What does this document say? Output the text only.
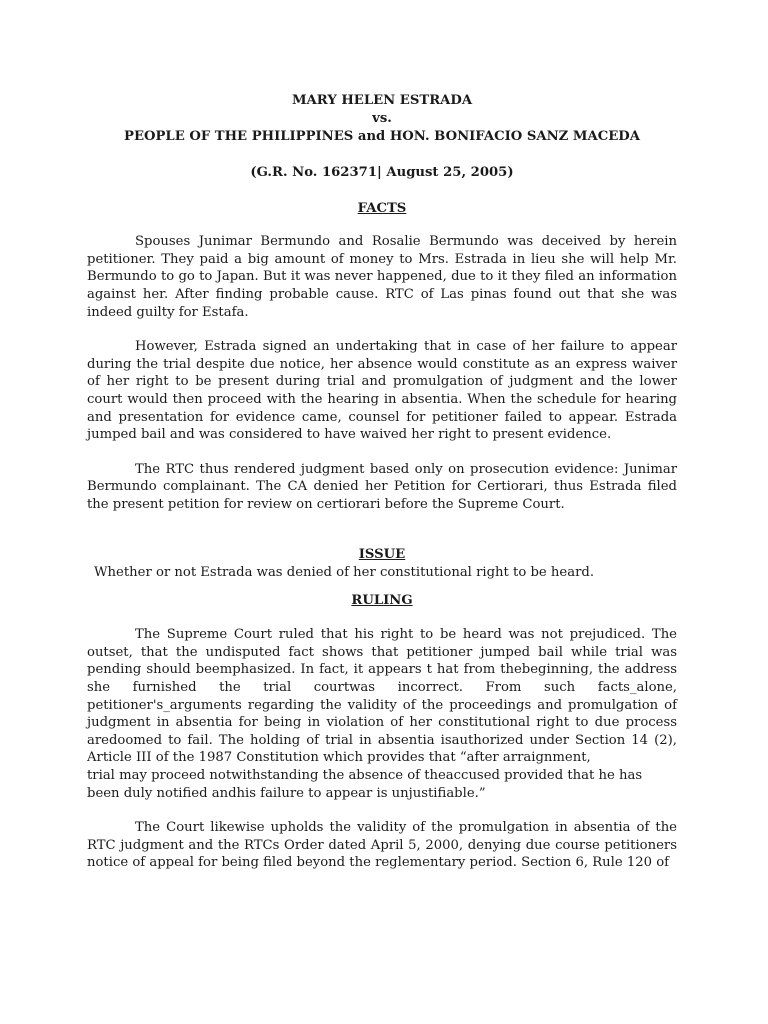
MARY HELEN ESTRADA
vs.
PEOPLE OF THE PHILIPPINES and HON. BONIFACIO SANZ MACEDA
(G.R. No. 162371| August 25, 2005)
FACTS

Spouses Junimar Bermundo and Rosalie Bermundo was deceived by herein petitioner. They paid a big amount of money to Mrs. Estrada in lieu she will help Mr. Bermundo to go to Japan. But it was never happened, due to it they filed an information against her. After finding probable cause. RTC of Las pinas found out that she was indeed guilty for Estafa.

However, Estrada signed an undertaking that in case of her failure to appear during the trial despite due notice, her absence would constitute as an express waiver of her right to be present during trial and promulgation of judgment and the lower court would then proceed with the hearing in absentia. When the schedule for hearing and presentation for evidence came, counsel for petitioner failed to appear. Estrada jumped bail and was considered to have waived her right to present evidence.

The RTC thus rendered judgment based only on prosecution evidence: Junimar Bermundo complainant. The CA denied her Petition for Certiorari, thus Estrada filed the present petition for review on certiorari before the Supreme Court.

ISSUE

Whether or not Estrada was denied of her constitutional right to be heard.

RULING

The Supreme Court ruled that his right to be heard was not prejudiced. The outset, that the undisputed fact shows that petitioner jumped bail while trial was pending should beemphasized. In fact, it appears t hat from thebeginning, the address she furnished the trial courtwas incorrect. From such facts_alone, petitioner's_arguments regarding the validity of the proceedings and promulgation of judgment in absentia for being in violation of her constitutional right to due process aredoomed to fail. The holding of trial in absentia isauthorized under Section 14 (2), Article III of the 1987 Constitution which provides that “after arraignment,

trial may proceed notwithstanding the absence of theaccused provided that he has been duly notified andhis failure to appear is unjustifiable.”

The Court likewise upholds the validity of the promulgation in absentia of the RTC judgment and the RTCs Order dated April 5, 2000, denying due course petitioners notice of appeal for being filed beyond the reglementary period. Section 6, Rule 120 of
